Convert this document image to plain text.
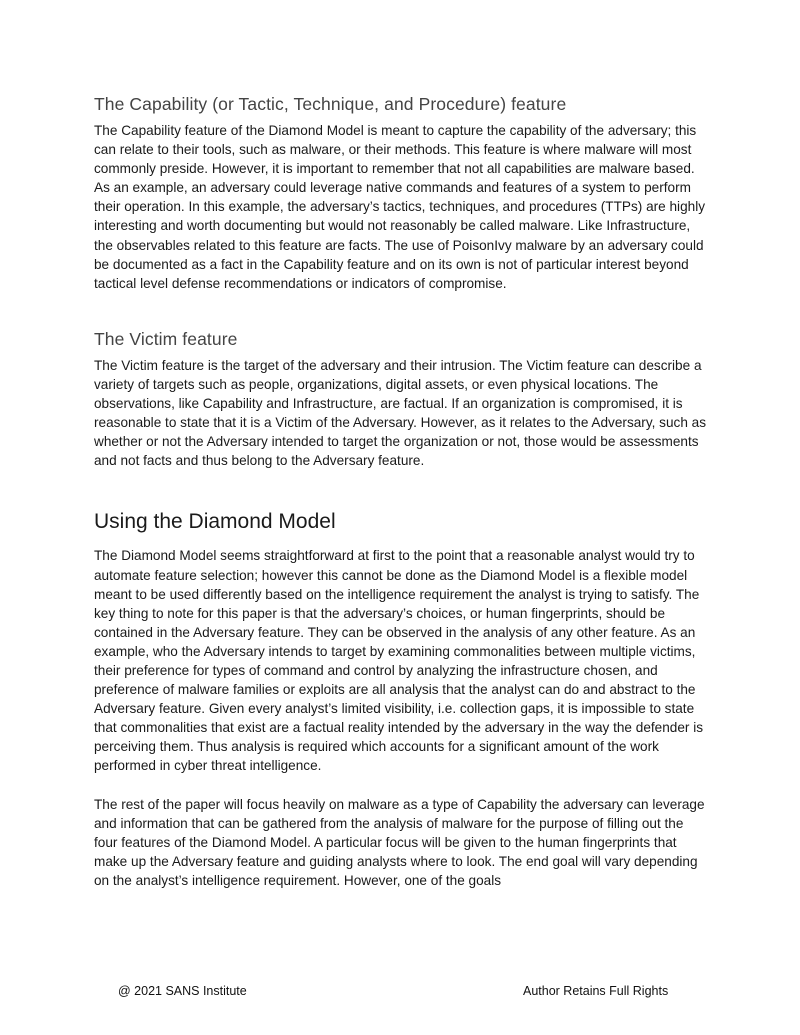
The Capability (or Tactic, Technique, and Procedure) feature

The Capability feature of the Diamond Model is meant to capture the capability of the adversary; this can relate to their tools, such as malware, or their methods. This feature is where malware will most commonly preside. However, it is important to remember that not all capabilities are malware based. As an example, an adversary could leverage native commands and features of a system to perform their operation. In this example, the adversary’s tactics, techniques, and procedures (TTPs) are highly interesting and worth documenting but would not reasonably be called malware. Like Infrastructure, the observables related to this feature are facts. The use of PoisonIvy malware by an adversary could be documented as a fact in the Capability feature and on its own is not of particular interest beyond tactical level defense recommendations or indicators of compromise.

The Victim feature

The Victim feature is the target of the adversary and their intrusion. The Victim feature can describe a variety of targets such as people, organizations, digital assets, or even physical locations. The observations, like Capability and Infrastructure, are factual. If an organization is compromised, it is reasonable to state that it is a Victim of the Adversary. However, as it relates to the Adversary, such as whether or not the Adversary intended to target the organization or not, those would be assessments and not facts and thus belong to the Adversary feature.

Using the Diamond Model

The Diamond Model seems straightforward at first to the point that a reasonable analyst would try to automate feature selection; however this cannot be done as the Diamond Model is a flexible model meant to be used differently based on the intelligence requirement the analyst is trying to satisfy. The key thing to note for this paper is that the adversary’s choices, or human fingerprints, should be contained in the Adversary feature. They can be observed in the analysis of any other feature. As an example, who the Adversary intends to target by examining commonalities between multiple victims, their preference for types of command and control by analyzing the infrastructure chosen, and preference of malware families or exploits are all analysis that the analyst can do and abstract to the Adversary feature. Given every analyst’s limited visibility, i.e. collection gaps, it is impossible to state that commonalities that exist are a factual reality intended by the adversary in the way the defender is perceiving them. Thus analysis is required which accounts for a significant amount of the work performed in cyber threat intelligence.

The rest of the paper will focus heavily on malware as a type of Capability the adversary can leverage and information that can be gathered from the analysis of malware for the purpose of filling out the four features of the Diamond Model. A particular focus will be given to the human fingerprints that make up the Adversary feature and guiding analysts where to look. The end goal will vary depending on the analyst’s intelligence requirement. However, one of the goals

@ 2021 SANS Institute	Author Retains Full Rights
